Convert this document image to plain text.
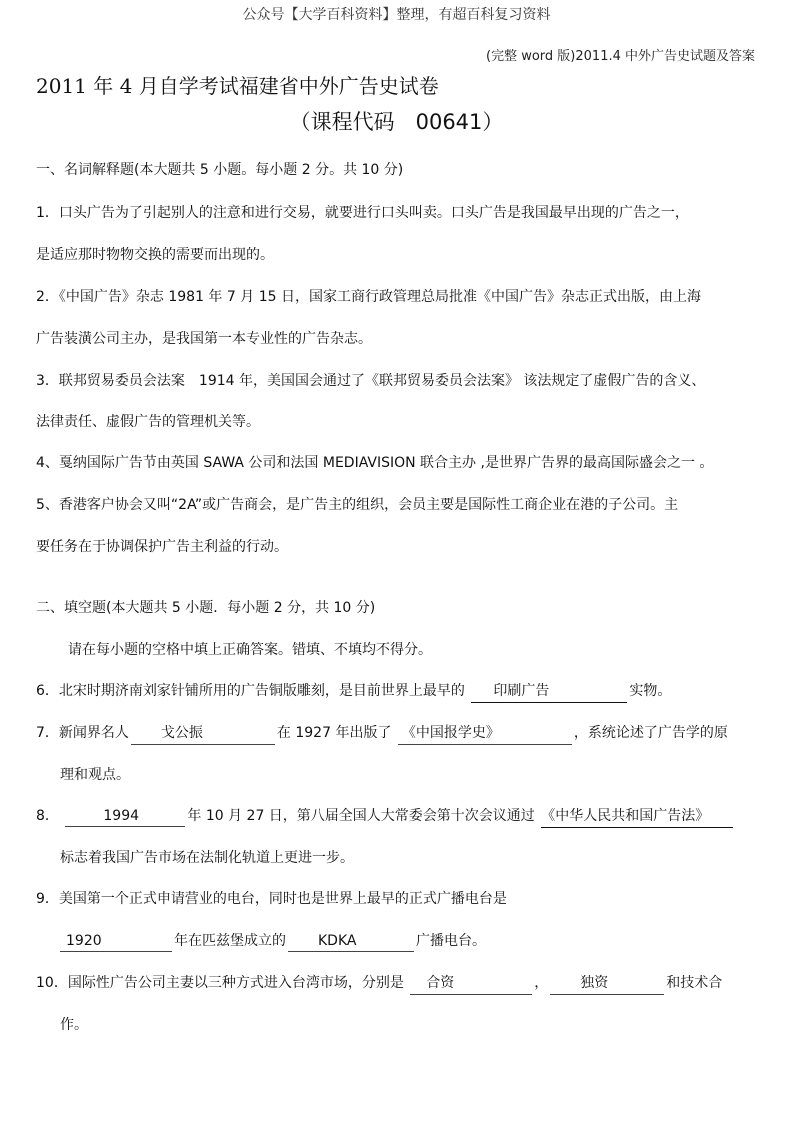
公众号【大学百科资料】整理，有超百科复习资料
(完整 word 版)2011.4 中外广告史试题及答案
2011 年 4 月自学考试福建省中外广告史试卷
（课程代码　00641）
一、名词解释题(本大题共 5 小题。每小题 2 分。共 10 分)
1．口头广告为了引起别人的注意和进行交易，就要进行口头叫卖。口头广告是我国最早出现的广告之一，
是适应那时物物交换的需要而出现的。
2．《中国广告》杂志 1981 年 7 月 15 日，国家工商行政管理总局批准《中国广告》杂志正式出版，由上海
广告装潢公司主办，是我国第一本专业性的广告杂志。
3．联邦贸易委员会法案　1914 年，美国国会通过了《联邦贸易委员会法案》 该法规定了虚假广告的含义、
法律责任、虚假广告的管理机关等。
4、戛纳国际广告节由英国 SAWA 公司和法国 MEDIAVISION 联合主办 ,是世界广告界的最高国际盛会之一 。
5、香港客户协会又叫“2A”或广告商会，是广告主的组织，会员主要是国际性工商企业在港的子公司。主
要任务在于协调保护广告主利益的行动。
二、填空题(本大题共 5 小题．每小题 2 分，共 10 分)
请在每小题的空格中填上正确答案。错填、不填均不得分。
6．北宋时期济南刘家针铺所用的广告铜版雕刻，是目前世界上最早的 印刷广告	实物。
7．新闻界名人 戈公振	在 1927 年出版了 《中国报学史》	，系统论述了广告学的原
理和观点。
8．	1994	年 10 月 27 日，第八届全国人大常委会第十次会议通过 《中华人民共和国广告法》
标志着我国广告市场在法制化轨道上更进一步。
9．美国第一个正式申请营业的电台，同时也是世界上最早的正式广播电台是
1920	年在匹兹堡成立的 KDKA	广播电台。
10．国际性广告公司主妻以三种方式进入台湾市场，分别是 合资	， 独资	和技术合
作。
